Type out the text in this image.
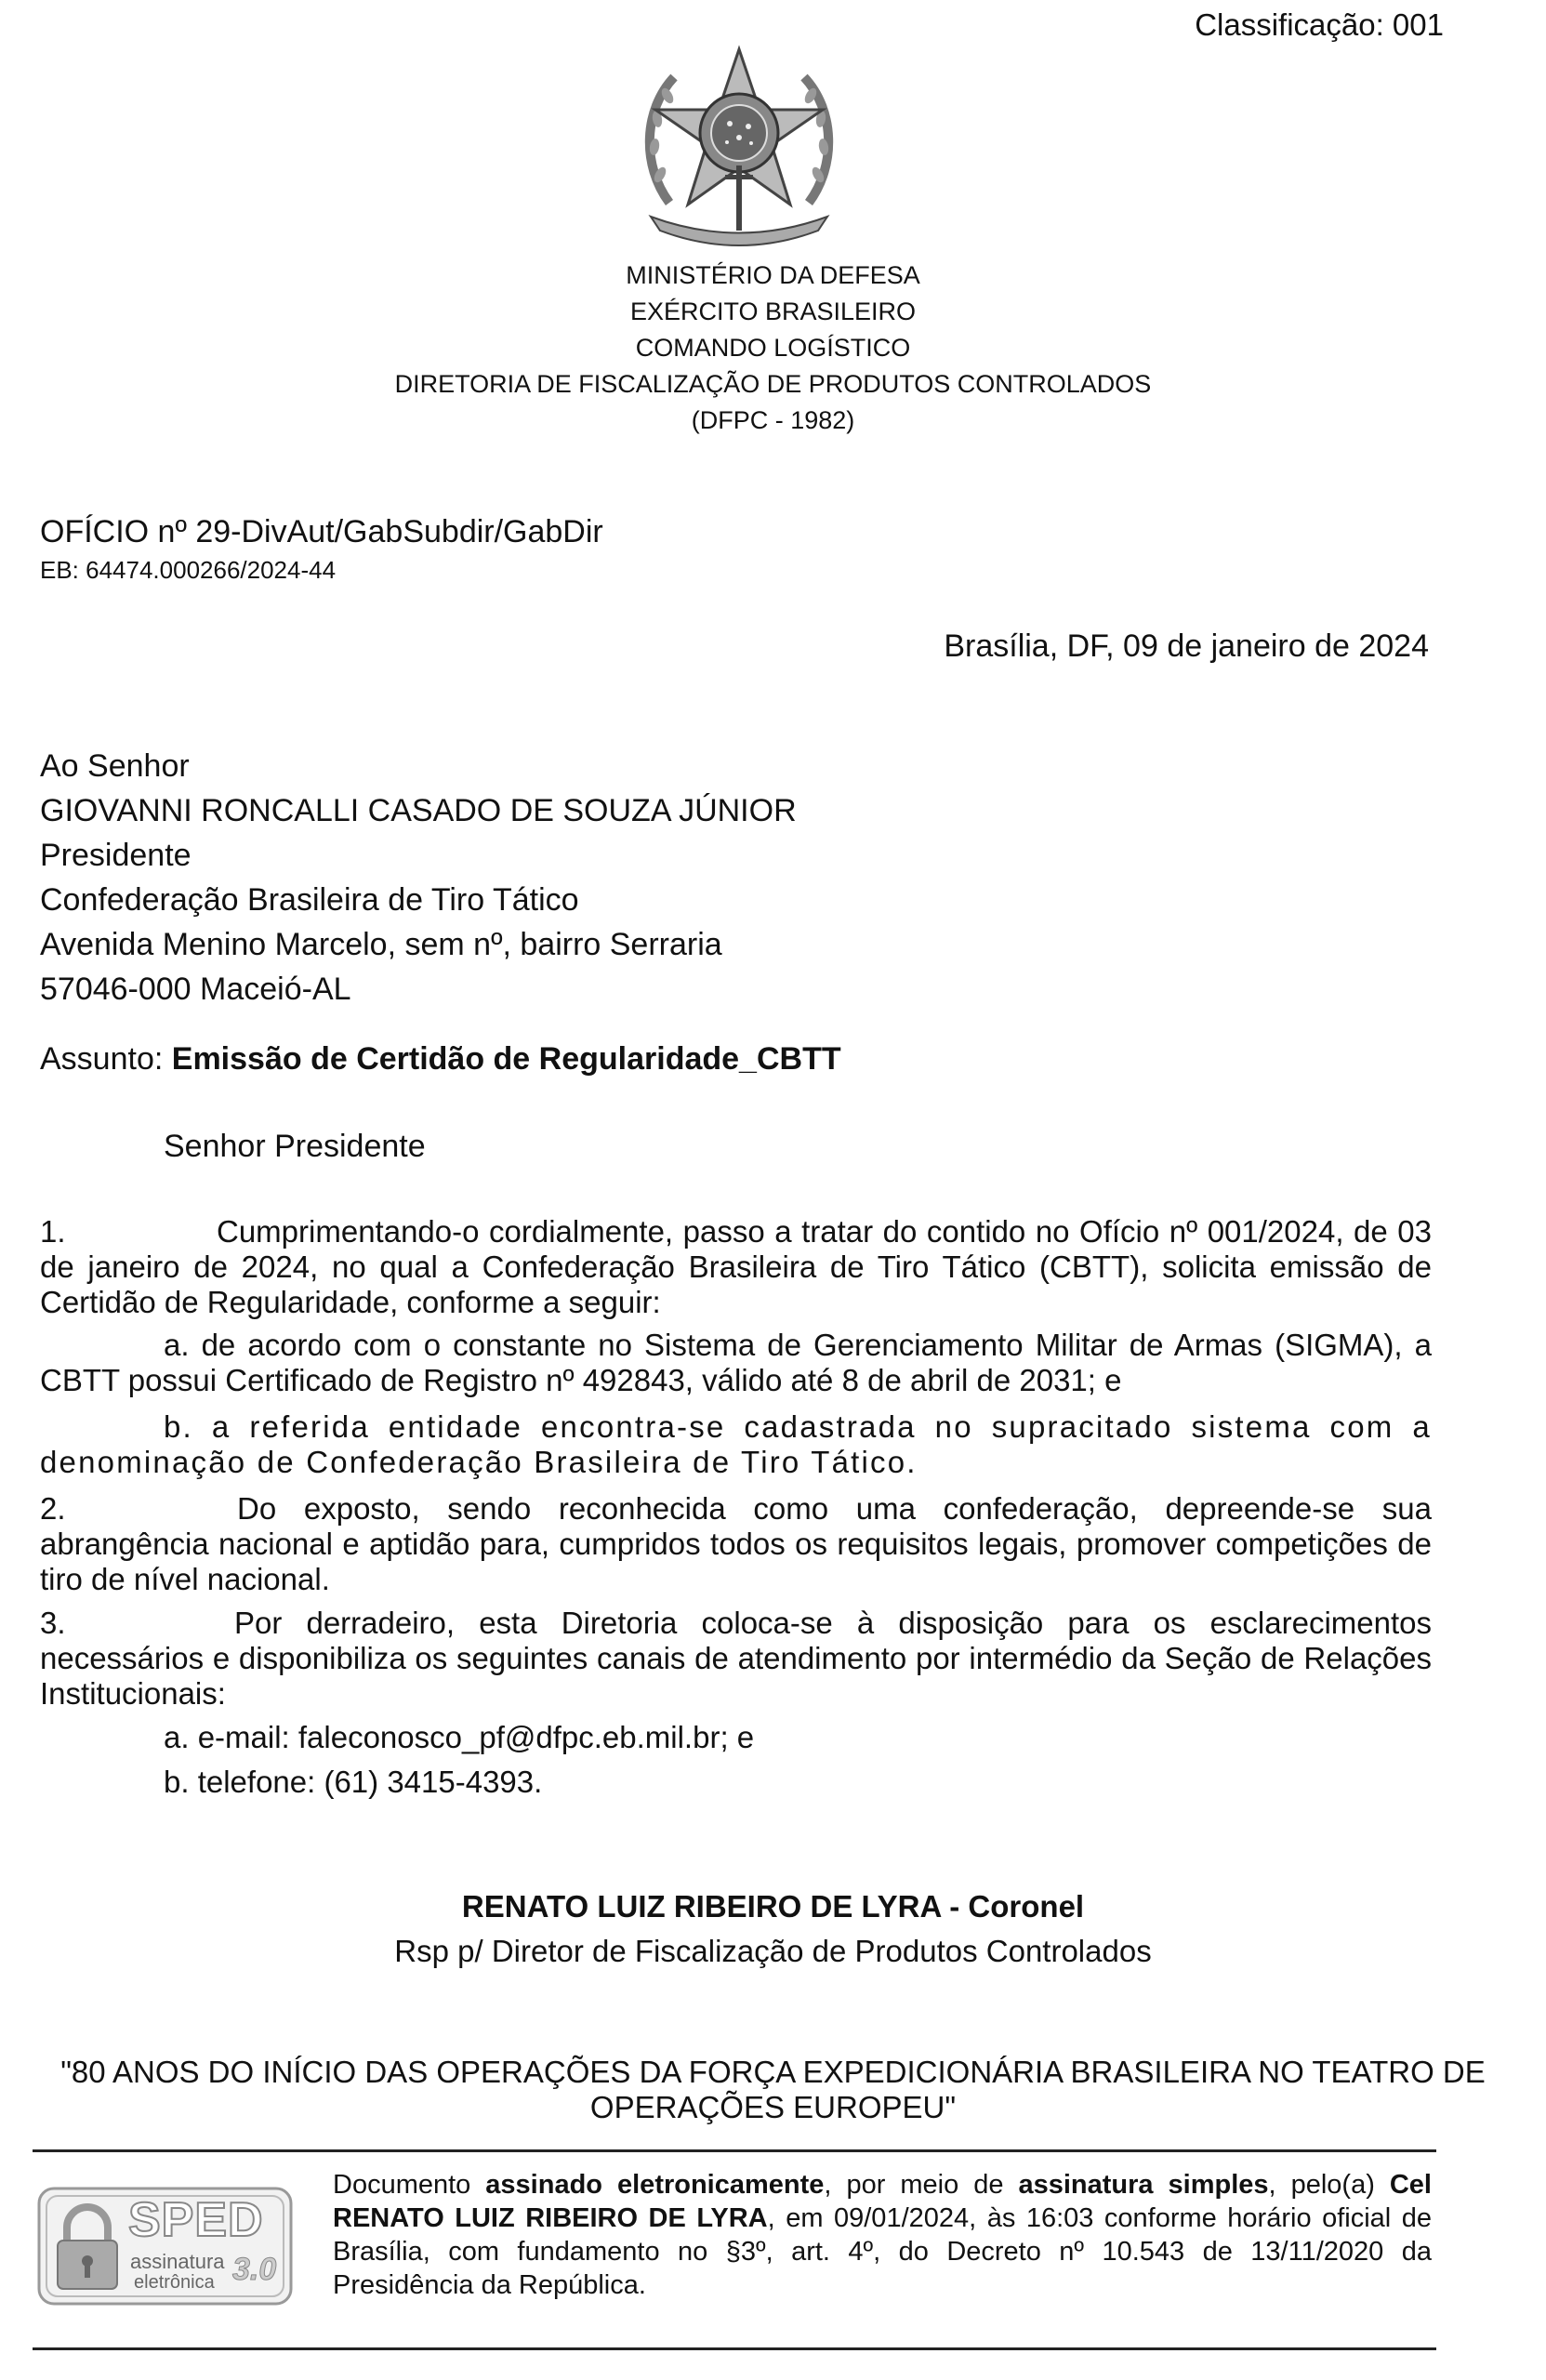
Classificação: 001
MINISTÉRIO DA DEFESA
EXÉRCITO BRASILEIRO
COMANDO LOGÍSTICO
DIRETORIA DE FISCALIZAÇÃO DE PRODUTOS CONTROLADOS
(DFPC - 1982)
OFÍCIO nº 29-DivAut/GabSubdir/GabDir
EB: 64474.000266/2024-44
Brasília, DF, 09 de janeiro de 2024
Ao Senhor
GIOVANNI RONCALLI CASADO DE SOUZA JÚNIOR
Presidente
Confederação Brasileira de Tiro Tático
Avenida Menino Marcelo, sem nº, bairro Serraria
57046-000 Maceió-AL
Assunto: Emissão de Certidão de Regularidade_CBTT
Senhor Presidente
1.	Cumprimentando-o cordialmente, passo a tratar do contido no Ofício nº 001/2024, de 03 de janeiro de 2024, no qual a Confederação Brasileira de Tiro Tático (CBTT), solicita emissão de Certidão de Regularidade, conforme a seguir:
a. de acordo com o constante no Sistema de Gerenciamento Militar de Armas (SIGMA), a CBTT possui Certificado de Registro nº 492843, válido até 8 de abril de 2031; e
b. a referida entidade encontra-se cadastrada no supracitado sistema com a denominação de Confederação Brasileira de Tiro Tático.
2.	Do exposto, sendo reconhecida como uma confederação, depreende-se sua abrangência nacional e aptidão para, cumpridos todos os requisitos legais, promover competições de tiro de nível nacional.
3.	Por derradeiro, esta Diretoria coloca-se à disposição para os esclarecimentos necessários e disponibiliza os seguintes canais de atendimento por intermédio da Seção de Relações Institucionais:
a. e-mail: faleconosco_pf@dfpc.eb.mil.br; e
b. telefone: (61) 3415-4393.
RENATO LUIZ RIBEIRO DE LYRA - Coronel
Rsp p/ Diretor de Fiscalização de Produtos Controlados
"80 ANOS DO INÍCIO DAS OPERAÇÕES DA FORÇA EXPEDICIONÁRIA BRASILEIRA NO TEATRO DE OPERAÇÕES EUROPEU"
SPED
assinatura
eletrônica 3.0
Documento assinado eletronicamente, por meio de assinatura simples, pelo(a) Cel RENATO LUIZ RIBEIRO DE LYRA, em 09/01/2024, às 16:03 conforme horário oficial de Brasília, com fundamento no §3º, art. 4º, do Decreto nº 10.543 de 13/11/2020 da Presidência da República.
